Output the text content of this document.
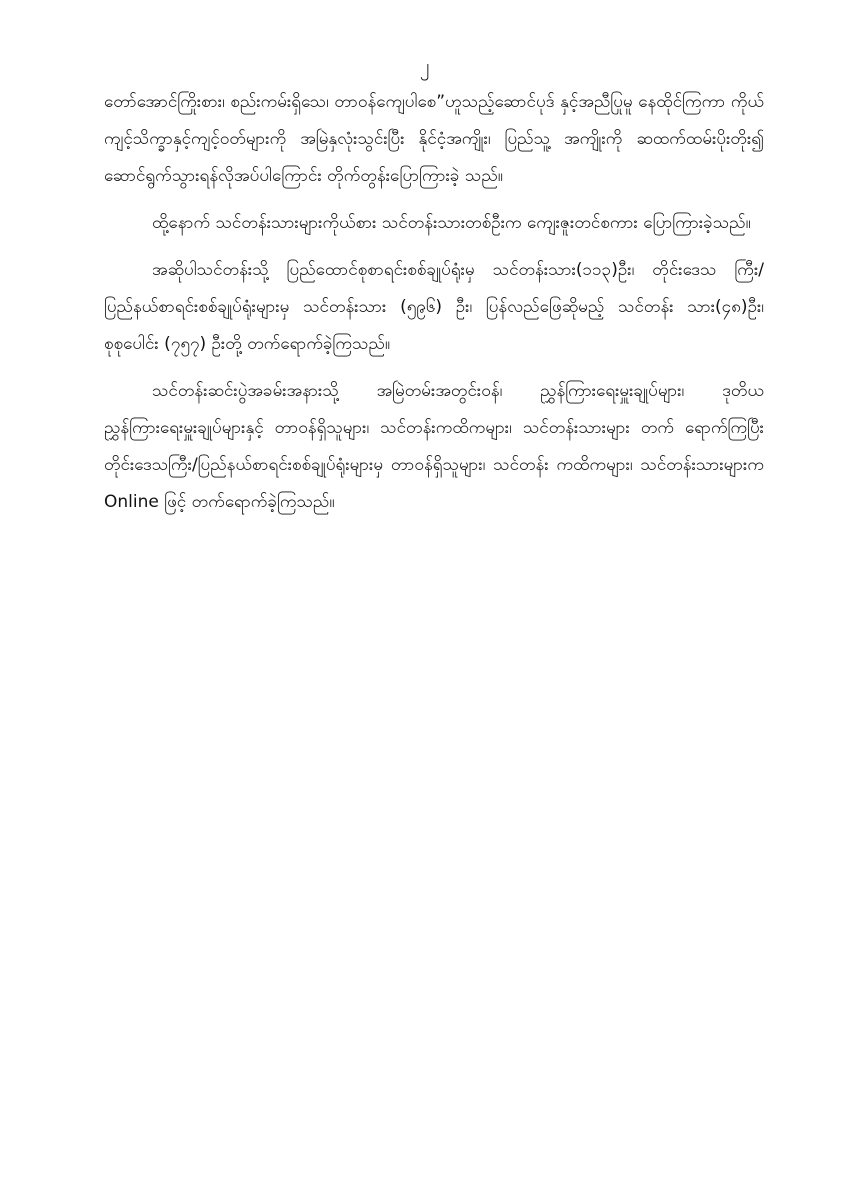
၂

တော်အောင်ကြိုးစား၊ စည်းကမ်းရှိသေ၊ တာဝန်ကျေပါစေ”ဟူသည့်ဆောင်ပုဒ် နှင့်အညီပြုမူ နေထိုင်ကြကာ ကိုယ်ကျင့်သိက္ခာနှင့်ကျင့်ဝတ်များကို အမြဲနှလုံးသွင်းပြီး နိုင်ငံ့အကျိုး၊ ပြည်သူ့ အကျိုးကို ဆထက်ထမ်းပိုးတိုး၍ ဆောင်ရွက်သွားရန်လိုအပ်ပါကြောင်း တိုက်တွန်းပြောကြားခဲ့ သည်။

ထို့နောက် သင်တန်းသားများကိုယ်စား သင်တန်းသားတစ်ဦးက ကျေးဇူးတင်စကား ပြောကြားခဲ့သည်။

အဆိုပါသင်တန်းသို့ ပြည်ထောင်စုစာရင်းစစ်ချုပ်ရုံးမှ သင်တန်းသား(၁၁၃)ဦး၊ တိုင်းဒေသ ကြီး/ပြည်နယ်စာရင်းစစ်ချုပ်ရုံးများမှ သင်တန်းသား (၅၉၆) ဦး၊ ပြန်လည်ဖြေဆိုမည့် သင်တန်း သား(၄၈)ဦး၊ စုစုပေါင်း (၇၅၇) ဦးတို့ တက်ရောက်ခဲ့ကြသည်။

သင်တန်းဆင်းပွဲအခမ်းအနားသို့ အမြဲတမ်းအတွင်းဝန်၊ ညွှန်ကြားရေးမှူးချုပ်များ၊ ဒုတိယ ညွှန်ကြားရေးမှူးချုပ်များနှင့် တာဝန်ရှိသူများ၊ သင်တန်းကထိကများ၊ သင်တန်းသားများ တက် ရောက်ကြပြီး တိုင်းဒေသကြီး/ပြည်နယ်စာရင်းစစ်ချုပ်ရုံးများမှ တာဝန်ရှိသူများ၊ သင်တန်း ကထိကများ၊ သင်တန်းသားများက Online ဖြင့် တက်ရောက်ခဲ့ကြသည်။
